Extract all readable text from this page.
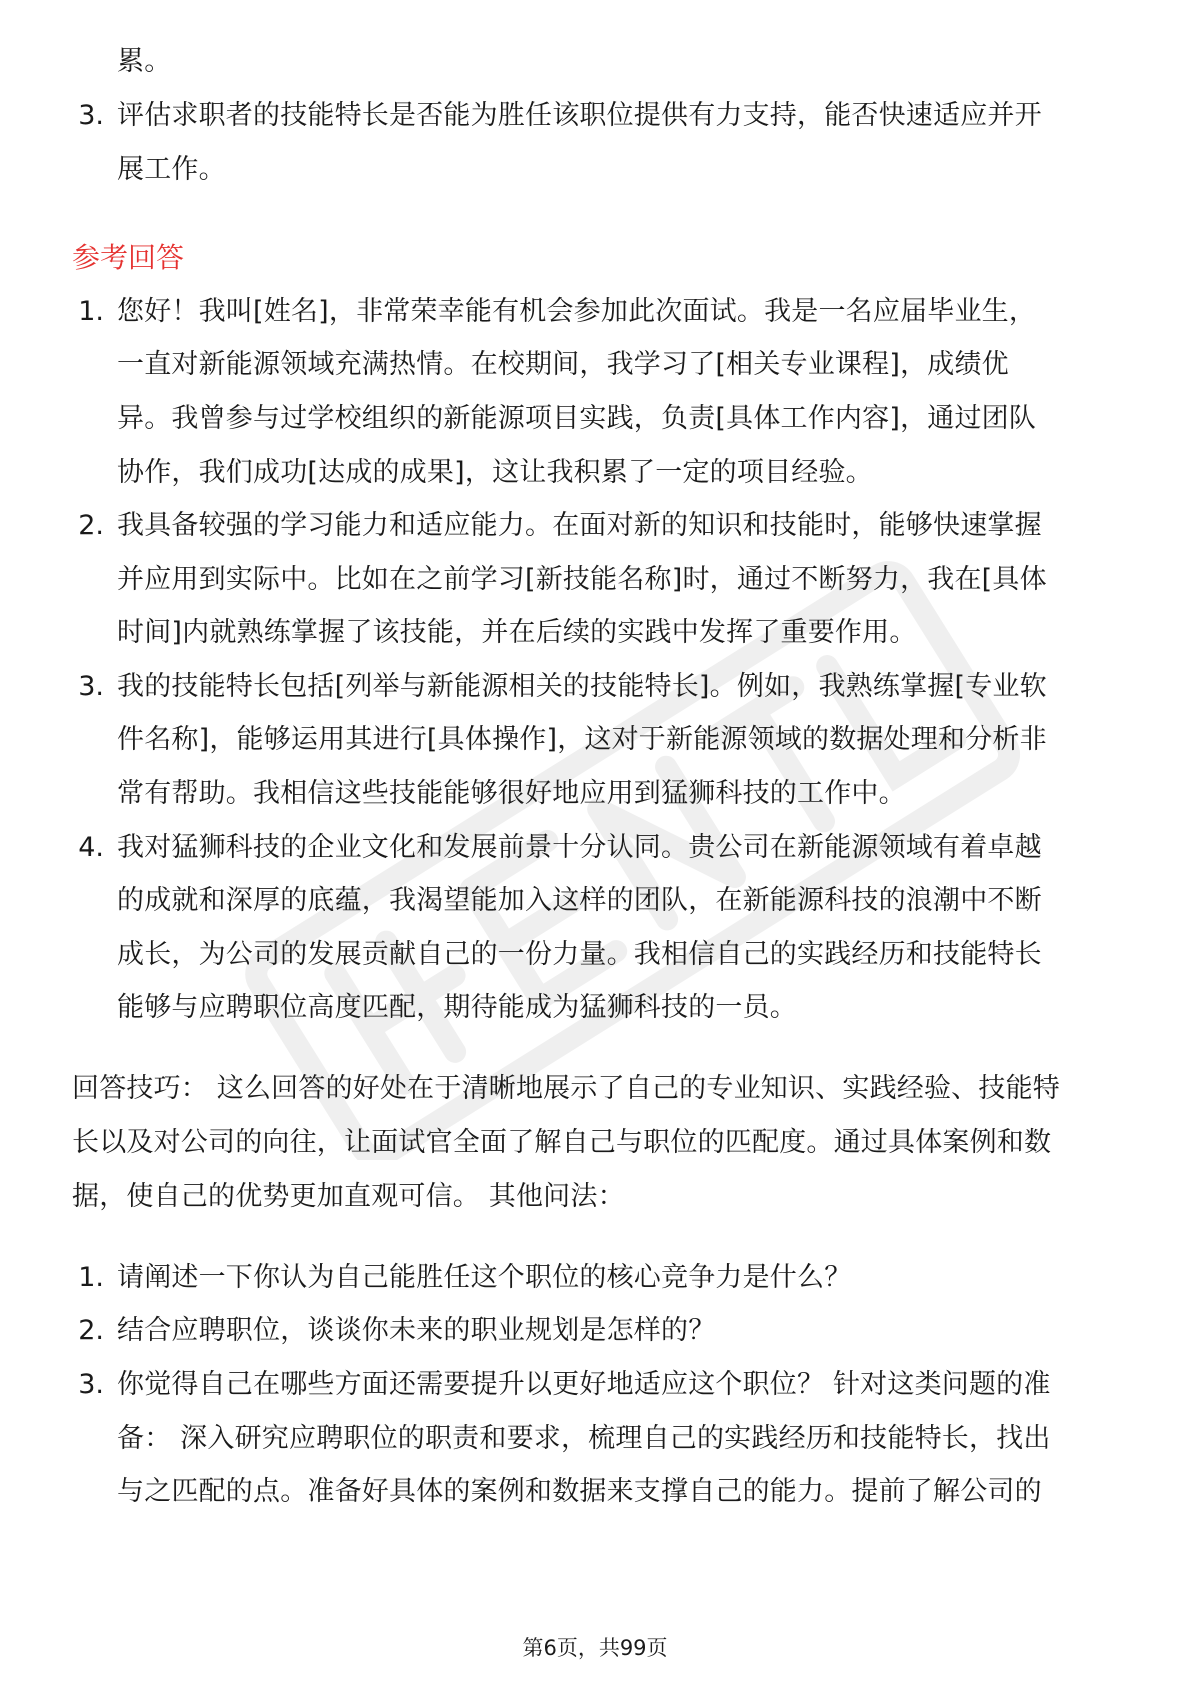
累。
3. 评估求职者的技能特长是否能为胜任该职位提供有力支持，能否快速适应并开
展工作。
参考回答
1. 您好！我叫[姓名]，非常荣幸能有机会参加此次面试。我是一名应届毕业生，
一直对新能源领域充满热情。在校期间，我学习了[相关专业课程]，成绩优
异。我曾参与过学校组织的新能源项目实践，负责[具体工作内容]，通过团队
协作，我们成功[达成的成果]，这让我积累了一定的项目经验。
2. 我具备较强的学习能力和适应能力。在面对新的知识和技能时，能够快速掌握
并应用到实际中。比如在之前学习[新技能名称]时，通过不断努力，我在[具体
时间]内就熟练掌握了该技能，并在后续的实践中发挥了重要作用。
3. 我的技能特长包括[列举与新能源相关的技能特长]。例如，我熟练掌握[专业软
件名称]，能够运用其进行[具体操作]，这对于新能源领域的数据处理和分析非
常有帮助。我相信这些技能能够很好地应用到猛狮科技的工作中。
4. 我对猛狮科技的企业文化和发展前景十分认同。贵公司在新能源领域有着卓越
的成就和深厚的底蕴，我渴望能加入这样的团队，在新能源科技的浪潮中不断
成长，为公司的发展贡献自己的一份力量。我相信自己的实践经历和技能特长
能够与应聘职位高度匹配，期待能成为猛狮科技的一员。
回答技巧： 这么回答的好处在于清晰地展示了自己的专业知识、实践经验、技能特
长以及对公司的向往，让面试官全面了解自己与职位的匹配度。通过具体案例和数
据，使自己的优势更加直观可信。 其他问法：
1. 请阐述一下你认为自己能胜任这个职位的核心竞争力是什么？
2. 结合应聘职位，谈谈你未来的职业规划是怎样的？
3. 你觉得自己在哪些方面还需要提升以更好地适应这个职位？ 针对这类问题的准
备： 深入研究应聘职位的职责和要求，梳理自己的实践经历和技能特长，找出
与之匹配的点。准备好具体的案例和数据来支撑自己的能力。提前了解公司的
第6页，共99页
